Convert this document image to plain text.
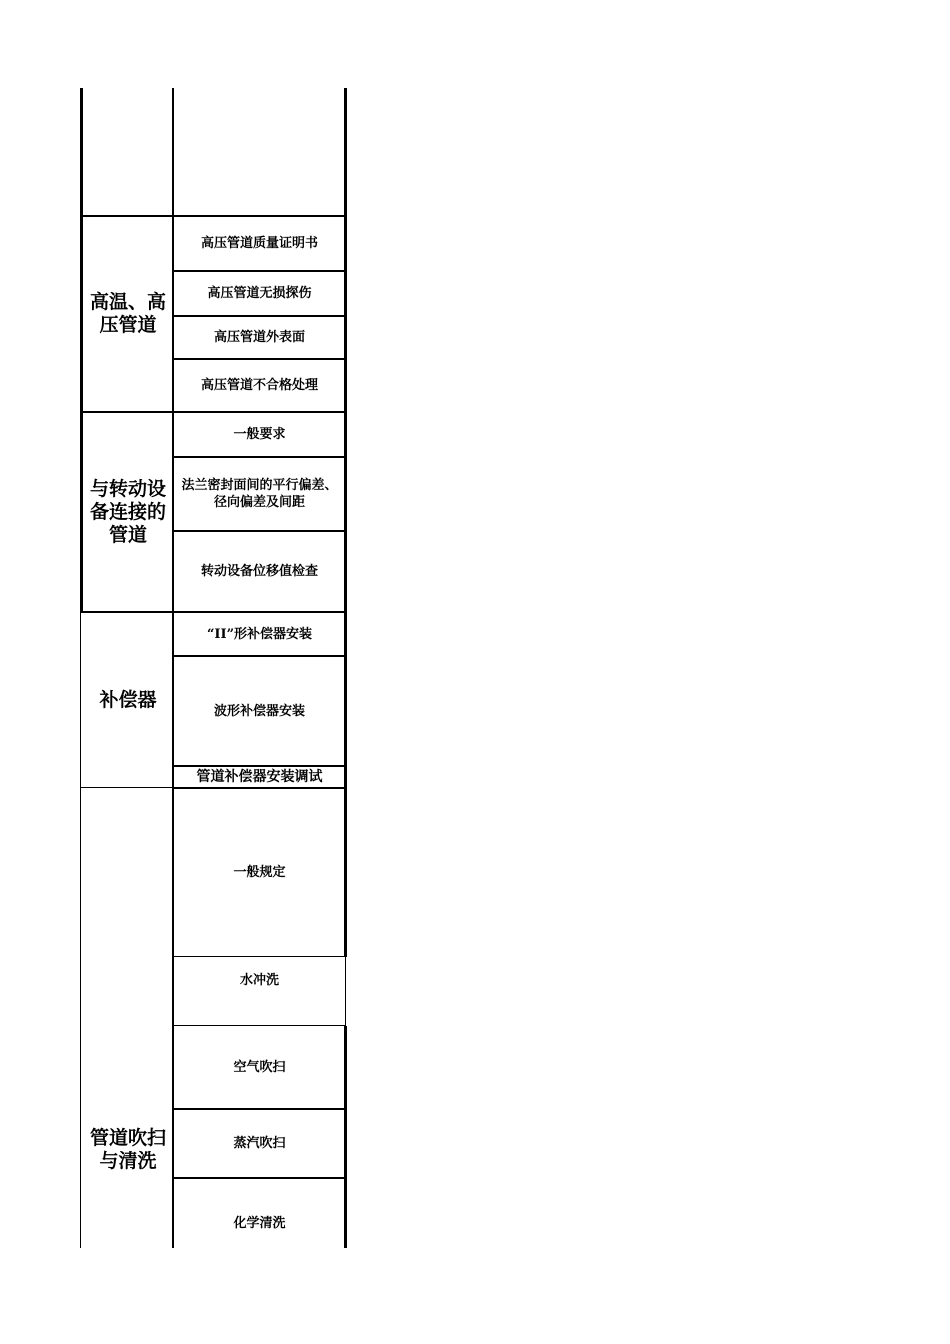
高温、高压管道
高压管道质量证明书
高压管道无损探伤
高压管道外表面
高压管道不合格处理
与转动设备连接的管道
一般要求
法兰密封面间的平行偏差、径向偏差及间距
转动设备位移值检查
补偿器
“II”形补偿器安装
波形补偿器安装
管道补偿器安装调试
管道吹扫与清洗
一般规定
水冲洗
空气吹扫
蒸汽吹扫
化学清洗
